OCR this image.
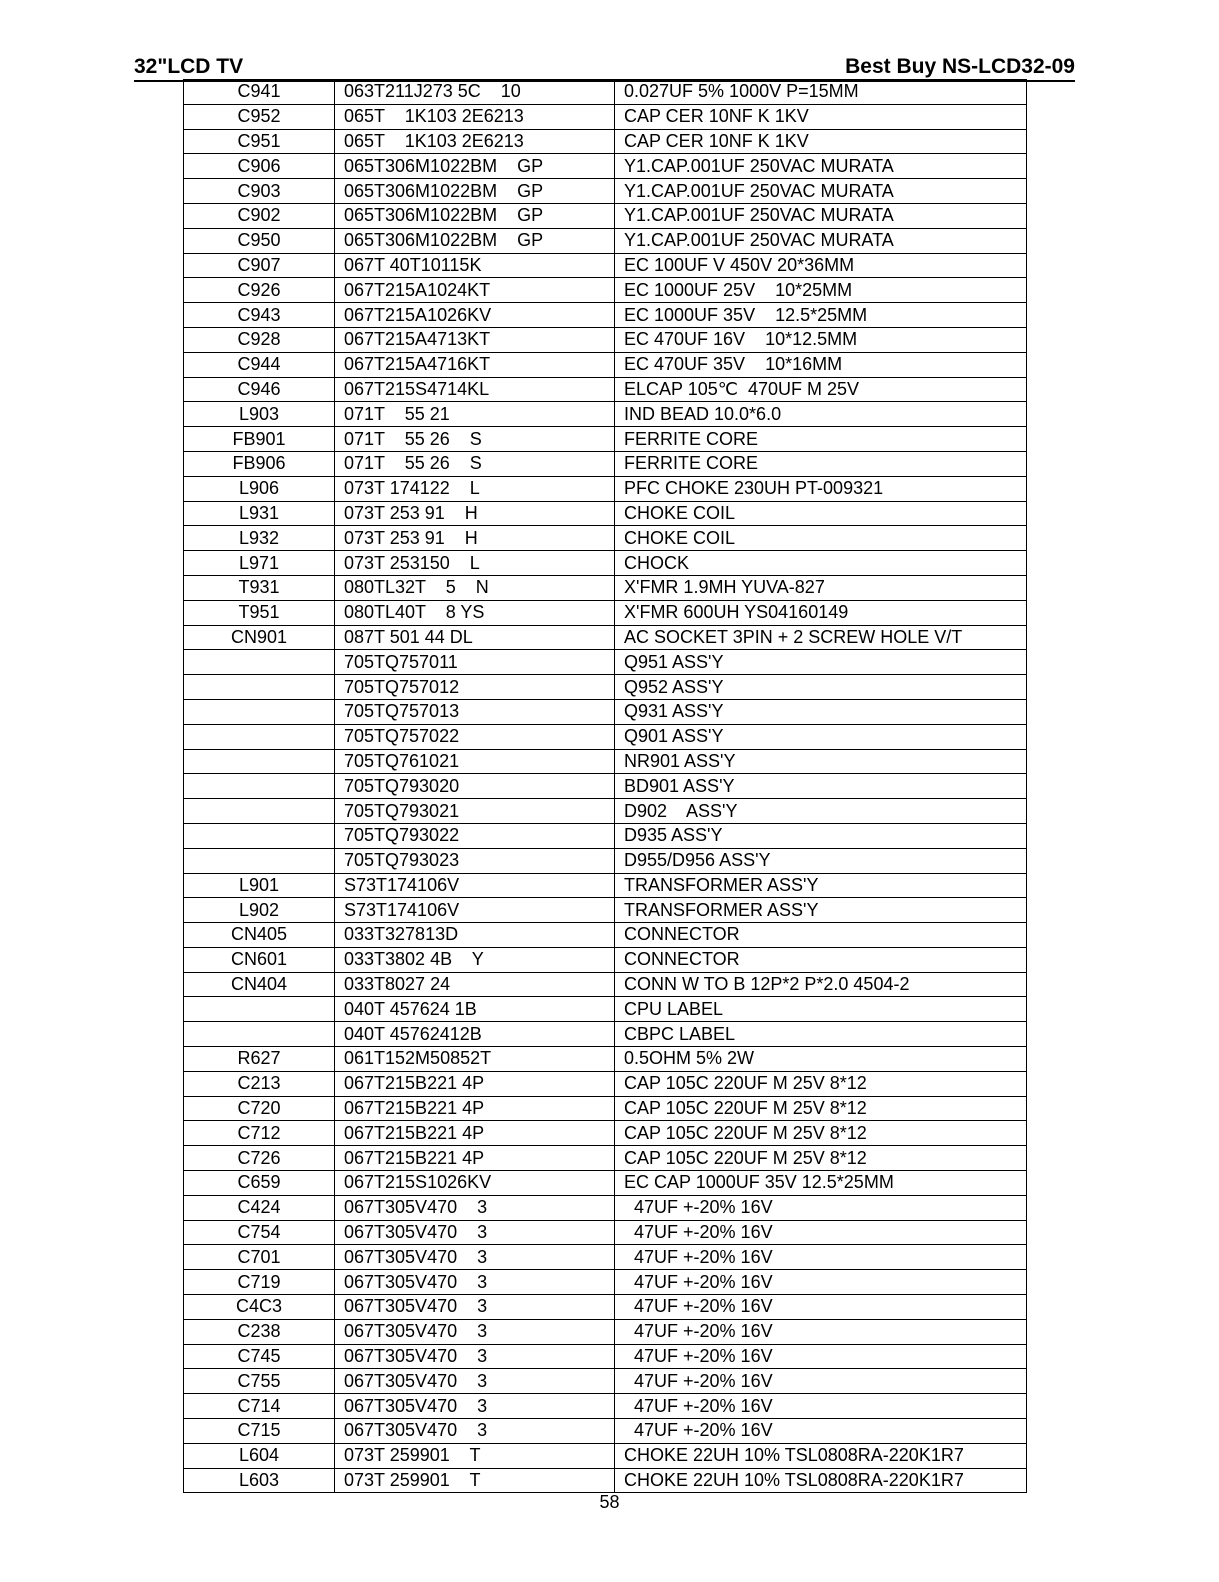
32"LCD TV	Best Buy NS-LCD32-09
C941	063T211J273 5C    10	0.027UF 5% 1000V P=15MM
C952	065T    1K103 2E6213	CAP CER 10NF K 1KV
C951	065T    1K103 2E6213	CAP CER 10NF K 1KV
C906	065T306M1022BM    GP	Y1.CAP.001UF 250VAC MURATA
C903	065T306M1022BM    GP	Y1.CAP.001UF 250VAC MURATA
C902	065T306M1022BM    GP	Y1.CAP.001UF 250VAC MURATA
C950	065T306M1022BM    GP	Y1.CAP.001UF 250VAC MURATA
C907	067T 40T10115K	EC 100UF V 450V 20*36MM
C926	067T215A1024KT	EC 1000UF 25V    10*25MM
C943	067T215A1026KV	EC 1000UF 35V    12.5*25MM
C928	067T215A4713KT	EC 470UF 16V    10*12.5MM
C944	067T215A4716KT	EC 470UF 35V    10*16MM
C946	067T215S4714KL	ELCAP 105℃  470UF M 25V
L903	071T    55 21	IND BEAD 10.0*6.0
FB901	071T    55 26    S	FERRITE CORE
FB906	071T    55 26    S	FERRITE CORE
L906	073T 174122    L	PFC CHOKE 230UH PT-009321
L931	073T 253 91    H	CHOKE COIL
L932	073T 253 91    H	CHOKE COIL
L971	073T 253150    L	CHOCK
T931	080TL32T    5    N	X'FMR 1.9MH YUVA-827
T951	080TL40T    8 YS	X'FMR 600UH YS04160149
CN901	087T 501 44 DL	AC SOCKET 3PIN + 2 SCREW HOLE V/T
	705TQ757011	Q951 ASS'Y
	705TQ757012	Q952 ASS'Y
	705TQ757013	Q931 ASS'Y
	705TQ757022	Q901 ASS'Y
	705TQ761021	NR901 ASS'Y
	705TQ793020	BD901 ASS'Y
	705TQ793021	D902    ASS'Y
	705TQ793022	D935 ASS'Y
	705TQ793023	D955/D956 ASS'Y
L901	S73T174106V	TRANSFORMER ASS'Y
L902	S73T174106V	TRANSFORMER ASS'Y
CN405	033T327813D	CONNECTOR
CN601	033T3802 4B    Y	CONNECTOR
CN404	033T8027 24	CONN W TO B 12P*2 P*2.0 4504-2
	040T 457624 1B	CPU LABEL
	040T 45762412B	CBPC LABEL
R627	061T152M50852T	0.5OHM 5% 2W
C213	067T215B221 4P	CAP 105C 220UF M 25V 8*12
C720	067T215B221 4P	CAP 105C 220UF M 25V 8*12
C712	067T215B221 4P	CAP 105C 220UF M 25V 8*12
C726	067T215B221 4P	CAP 105C 220UF M 25V 8*12
C659	067T215S1026KV	EC CAP 1000UF 35V 12.5*25MM
C424	067T305V470    3	47UF +-20% 16V
C754	067T305V470    3	47UF +-20% 16V
C701	067T305V470    3	47UF +-20% 16V
C719	067T305V470    3	47UF +-20% 16V
C4C3	067T305V470    3	47UF +-20% 16V
C238	067T305V470    3	47UF +-20% 16V
C745	067T305V470    3	47UF +-20% 16V
C755	067T305V470    3	47UF +-20% 16V
C714	067T305V470    3	47UF +-20% 16V
C715	067T305V470    3	47UF +-20% 16V
L604	073T 259901    T	CHOKE 22UH 10% TSL0808RA-220K1R7
L603	073T 259901    T	CHOKE 22UH 10% TSL0808RA-220K1R7
58
